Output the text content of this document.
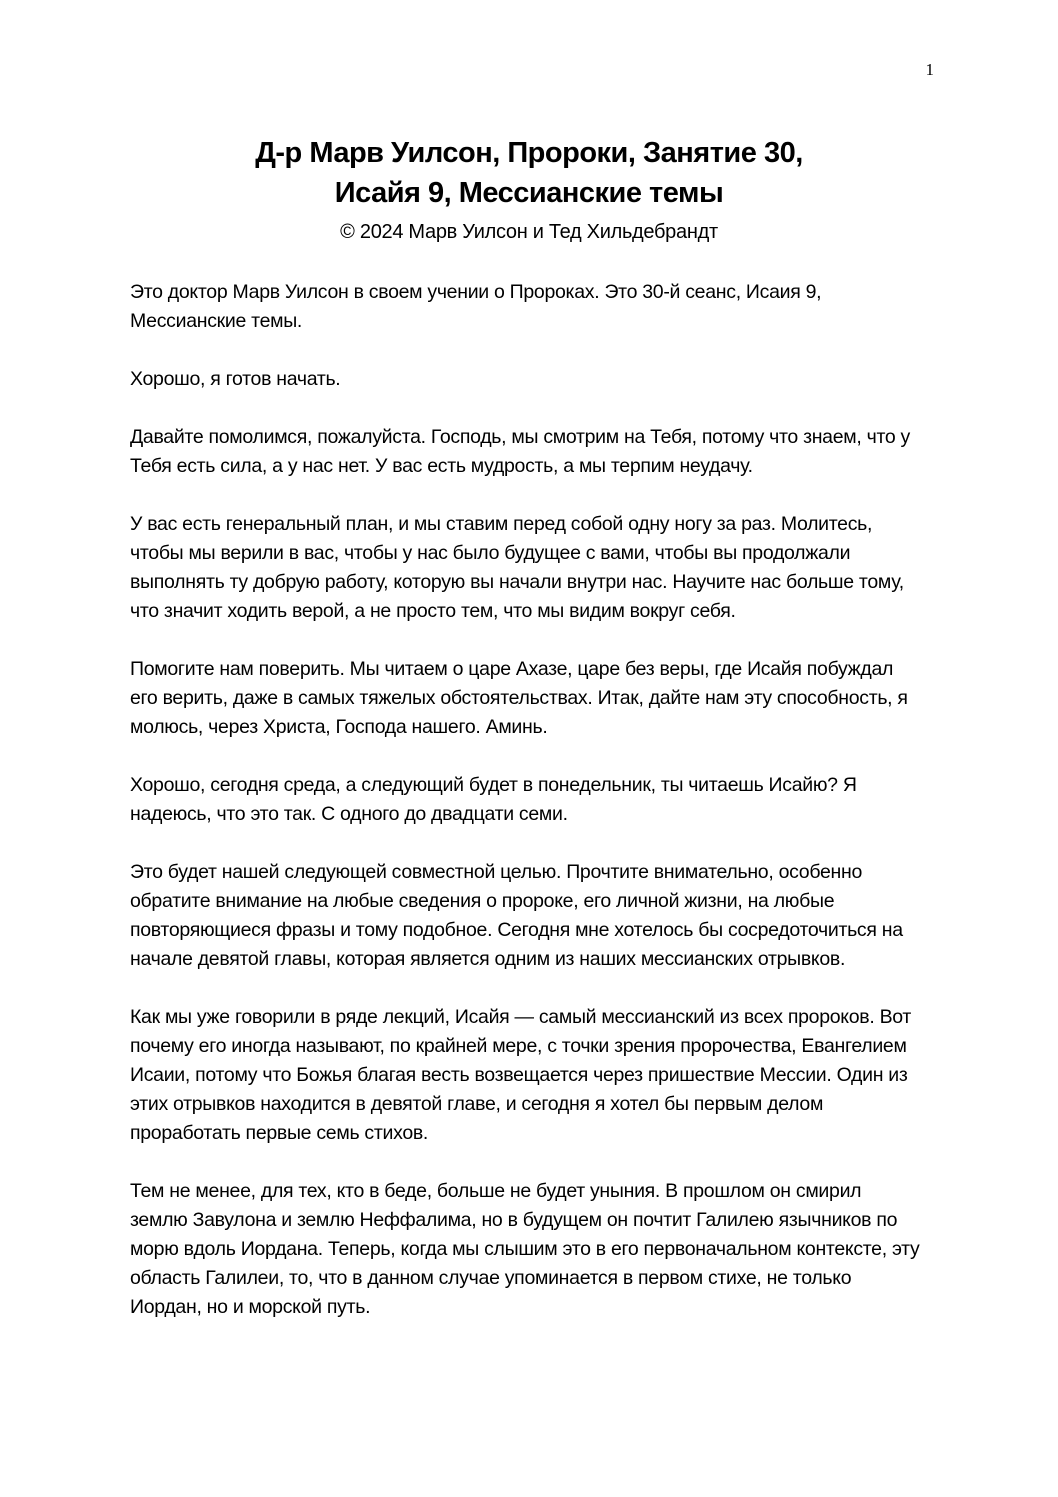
1
Д-р Марв Уилсон, Пророки, Занятие 30,
Исайя 9, Мессианские темы
© 2024 Марв Уилсон и Тед Хильдебрандт

Это доктор Марв Уилсон в своем учении о Пророках. Это 30-й сеанс, Исаия 9, Мессианские темы.

Хорошо, я готов начать.

Давайте помолимся, пожалуйста. Господь, мы смотрим на Тебя, потому что знаем, что у Тебя есть сила, а у нас нет. У вас есть мудрость, а мы терпим неудачу.

У вас есть генеральный план, и мы ставим перед собой одну ногу за раз. Молитесь, чтобы мы верили в вас, чтобы у нас было будущее с вами, чтобы вы продолжали выполнять ту добрую работу, которую вы начали внутри нас. Научите нас больше тому, что значит ходить верой, а не просто тем, что мы видим вокруг себя.

Помогите нам поверить. Мы читаем о царе Ахазе, царе без веры, где Исайя побуждал его верить, даже в самых тяжелых обстоятельствах. Итак, дайте нам эту способность, я молюсь, через Христа, Господа нашего. Аминь.

Хорошо, сегодня среда, а следующий будет в понедельник, ты читаешь Исайю? Я надеюсь, что это так. С одного до двадцати семи.

Это будет нашей следующей совместной целью. Прочтите внимательно, особенно обратите внимание на любые сведения о пророке, его личной жизни, на любые повторяющиеся фразы и тому подобное. Сегодня мне хотелось бы сосредоточиться на начале девятой главы, которая является одним из наших мессианских отрывков.

Как мы уже говорили в ряде лекций, Исайя — самый мессианский из всех пророков. Вот почему его иногда называют, по крайней мере, с точки зрения пророчества, Евангелием Исаии, потому что Божья благая весть возвещается через пришествие Мессии. Один из этих отрывков находится в девятой главе, и сегодня я хотел бы первым делом проработать первые семь стихов.

Тем не менее, для тех, кто в беде, больше не будет уныния. В прошлом он смирил землю Завулона и землю Неффалима, но в будущем он почтит Галилею язычников по морю вдоль Иордана. Теперь, когда мы слышим это в его первоначальном контексте, эту область Галилеи, то, что в данном случае упоминается в первом стихе, не только Иордан, но и морской путь.
